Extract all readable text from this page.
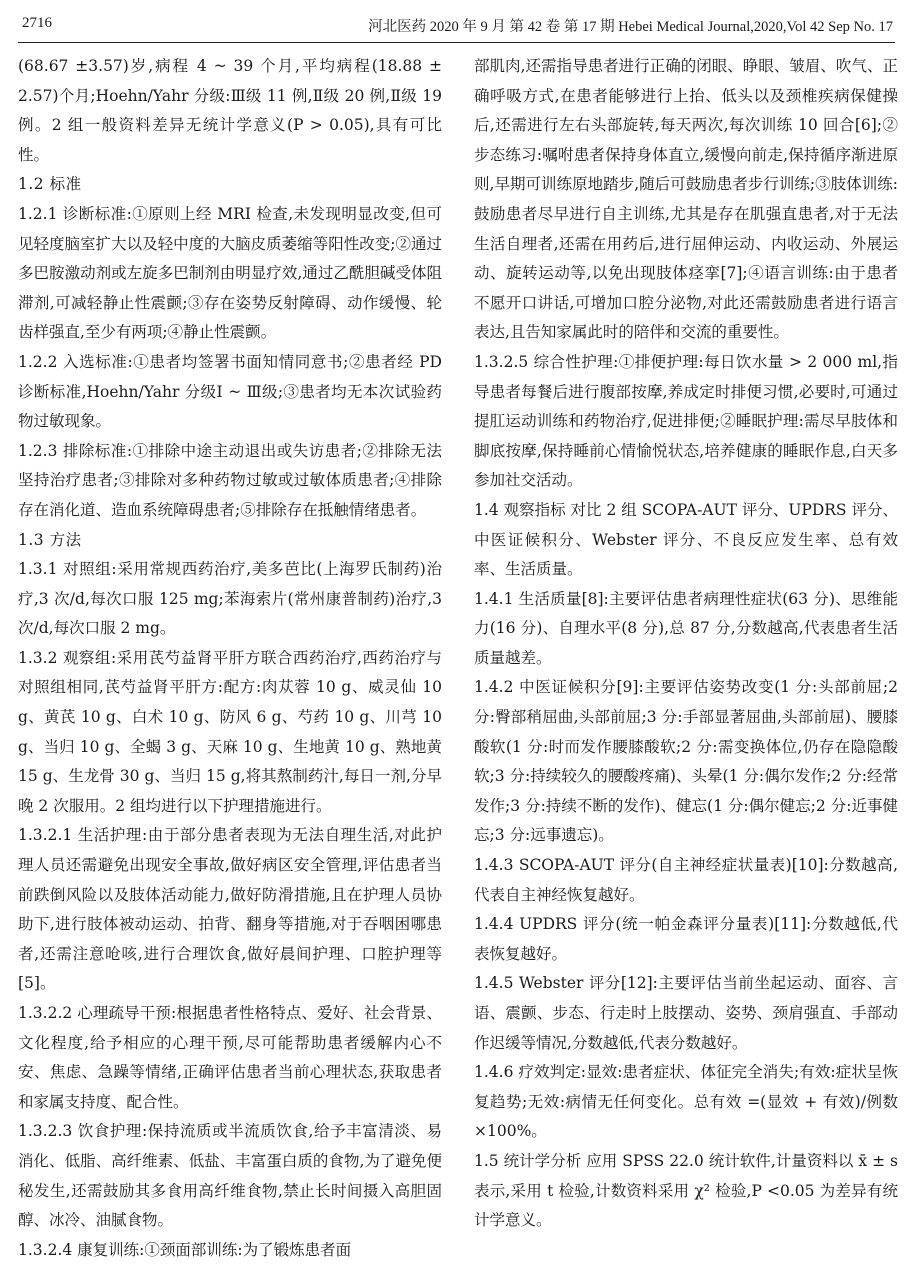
2716	河北医药 2020 年 9 月 第 42 卷 第 17 期 Hebei Medical Journal,2020,Vol 42 Sep No. 17

(68.67 ±3.57)岁,病程 4 ~ 39 个月,平均病程(18.88 ± 2.57)个月;Hoehn/Yahr 分级:Ⅲ级 11 例,Ⅱ级 20 例,Ⅱ级 19 例。2 组一般资料差异无统计学意义(P > 0.05),具有可比性。

1.2 标准

1.2.1 诊断标准:①原则上经 MRI 检查,未发现明显改变,但可见轻度脑室扩大以及轻中度的大脑皮质萎缩等阳性改变;②通过多巴胺激动剂或左旋多巴制剂由明显疗效,通过乙酰胆碱受体阻滞剂,可减轻静止性震颤;③存在姿势反射障碍、动作缓慢、轮齿样强直,至少有两项;④静止性震颤。

1.2.2 入选标准:①患者均签署书面知情同意书;②患者经 PD 诊断标准,Hoehn/Yahr 分级Ⅰ ~ Ⅲ级;③患者均无本次试验药物过敏现象。

1.2.3 排除标准:①排除中途主动退出或失访患者;②排除无法坚持治疗患者;③排除对多种药物过敏或过敏体质患者;④排除存在消化道、造血系统障碍患者;⑤排除存在抵触情绪患者。

1.3 方法

1.3.1 对照组:采用常规西药治疗,美多芭比(上海罗氏制药)治疗,3 次/d,每次口服 125 mg;苯海索片(常州康普制药)治疗,3 次/d,每次口服 2 mg。

1.3.2 观察组:采用芪芍益肾平肝方联合西药治疗,西药治疗与对照组相同,芪芍益肾平肝方:配方:肉苁蓉 10 g、威灵仙 10 g、黄芪 10 g、白术 10 g、防风 6 g、芍药 10 g、川芎 10 g、当归 10 g、全蝎 3 g、天麻 10 g、生地黄 10 g、熟地黄 15 g、生龙骨 30 g、当归 15 g,将其熬制药汁,每日一剂,分早晚 2 次服用。2 组均进行以下护理措施进行。

1.3.2.1 生活护理:由于部分患者表现为无法自理生活,对此护理人员还需避免出现安全事故,做好病区安全管理,评估患者当前跌倒风险以及肢体活动能力,做好防滑措施,且在护理人员协助下,进行肢体被动运动、拍背、翻身等措施,对于吞咽困哪患者,还需注意呛咳,进行合理饮食,做好晨间护理、口腔护理等[5]。

1.3.2.2 心理疏导干预:根据患者性格特点、爱好、社会背景、文化程度,给予相应的心理干预,尽可能帮助患者缓解内心不安、焦虑、急躁等情绪,正确评估患者当前心理状态,获取患者和家属支持度、配合性。

1.3.2.3 饮食护理:保持流质或半流质饮食,给予丰富清淡、易消化、低脂、高纤维素、低盐、丰富蛋白质的食物,为了避免便秘发生,还需鼓励其多食用高纤维食物,禁止长时间摄入高胆固醇、冰冷、油腻食物。

1.3.2.4 康复训练:①颈面部训练:为了锻炼患者面

部肌肉,还需指导患者进行正确的闭眼、睁眼、皱眉、吹气、正确呼吸方式,在患者能够进行上抬、低头以及颈椎疾病保健操后,还需进行左右头部旋转,每天两次,每次训练 10 回合[6];②步态练习:嘱咐患者保持身体直立,缓慢向前走,保持循序渐进原则,早期可训练原地踏步,随后可鼓励患者步行训练;③肢体训练:鼓励患者尽早进行自主训练,尤其是存在肌强直患者,对于无法生活自理者,还需在用药后,进行屈伸运动、内收运动、外展运动、旋转运动等,以免出现肢体痉挛[7];④语言训练:由于患者不愿开口讲话,可增加口腔分泌物,对此还需鼓励患者进行语言表达,且告知家属此时的陪伴和交流的重要性。

1.3.2.5 综合性护理:①排便护理:每日饮水量 > 2 000 ml,指导患者每餐后进行腹部按摩,养成定时排便习惯,必要时,可通过提肛运动训练和药物治疗,促进排便;②睡眠护理:需尽早肢体和脚底按摩,保持睡前心情愉悦状态,培养健康的睡眠作息,白天多参加社交活动。

1.4 观察指标 对比 2 组 SCOPA-AUT 评分、UPDRS 评分、中医证候积分、Webster 评分、不良反应发生率、总有效率、生活质量。

1.4.1 生活质量[8]:主要评估患者病理性症状(63 分)、思维能力(16 分)、自理水平(8 分),总 87 分,分数越高,代表患者生活质量越差。

1.4.2 中医证候积分[9]:主要评估姿势改变(1 分:头部前屈;2 分:臀部稍屈曲,头部前屈;3 分:手部显著屈曲,头部前屈)、腰膝酸软(1 分:时而发作腰膝酸软;2 分:需变换体位,仍存在隐隐酸软;3 分:持续较久的腰酸疼痛)、头晕(1 分:偶尔发作;2 分:经常发作;3 分:持续不断的发作)、健忘(1 分:偶尔健忘;2 分:近事健忘;3 分:远事遗忘)。

1.4.3 SCOPA-AUT 评分(自主神经症状量表)[10]:分数越高,代表自主神经恢复越好。

1.4.4 UPDRS 评分(统一帕金森评分量表)[11]:分数越低,代表恢复越好。

1.4.5 Webster 评分[12]:主要评估当前坐起运动、面容、言语、震颤、步态、行走时上肢摆动、姿势、颈肩强直、手部动作迟缓等情况,分数越低,代表分数越好。

1.4.6 疗效判定:显效:患者症状、体征完全消失;有效:症状呈恢复趋势;无效:病情无任何变化。总有效 =(显效 + 有效)/例数 ×100%。

1.5 统计学分析 应用 SPSS 22.0 统计软件,计量资料以 x̄ ± s 表示,采用 t 检验,计数资料采用 χ² 检验,P <0.05 为差异有统计学意义。
